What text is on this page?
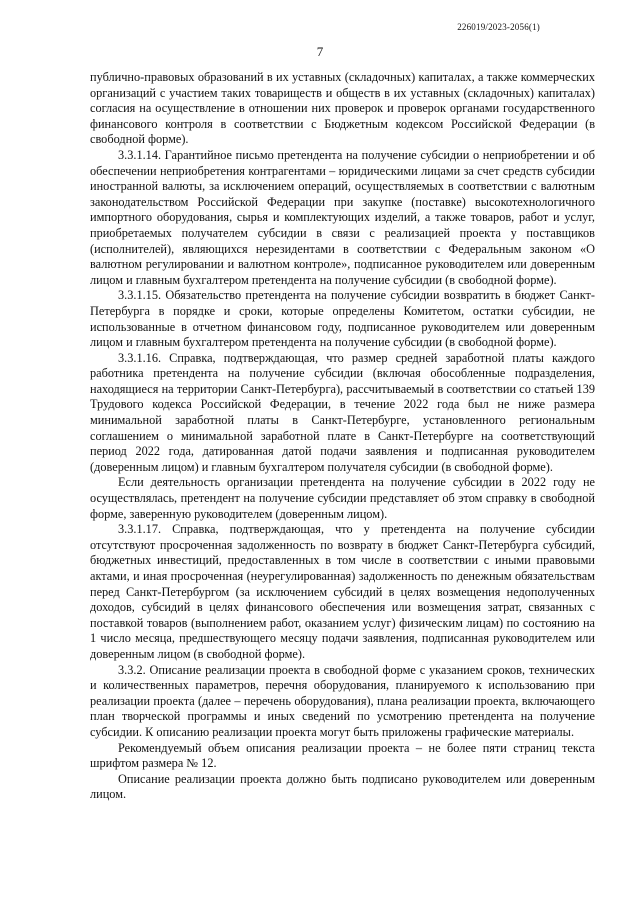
226019/2023-2056(1)
7

публично-правовых образований в их уставных (складочных) капиталах, а также коммерческих организаций с участием таких товариществ и обществ в их уставных (складочных) капиталах) согласия на осуществление в отношении них проверок и проверок органами государственного финансового контроля в соответствии с Бюджетным кодексом Российской Федерации (в свободной форме).

3.3.1.14. Гарантийное письмо претендента на получение субсидии о неприобретении и об обеспечении неприобретения контрагентами – юридическими лицами за счет средств субсидии иностранной валюты, за исключением операций, осуществляемых в соответствии с валютным законодательством Российской Федерации при закупке (поставке) высокотехнологичного импортного оборудования, сырья и комплектующих изделий, а также товаров, работ и услуг, приобретаемых получателем субсидии в связи с реализацией проекта у поставщиков (исполнителей), являющихся нерезидентами в соответствии с Федеральным законом «О валютном регулировании и валютном контроле», подписанное руководителем или доверенным лицом и главным бухгалтером претендента на получение субсидии (в свободной форме).

3.3.1.15. Обязательство претендента на получение субсидии возвратить в бюджет Санкт-Петербурга в порядке и сроки, которые определены Комитетом, остатки субсидии, не использованные в отчетном финансовом году, подписанное руководителем или доверенным лицом и главным бухгалтером претендента на получение субсидии (в свободной форме).

3.3.1.16. Справка, подтверждающая, что размер средней заработной платы каждого работника претендента на получение субсидии (включая обособленные подразделения, находящиеся на территории Санкт-Петербурга), рассчитываемый в соответствии со статьей 139 Трудового кодекса Российской Федерации, в течение 2022 года был не ниже размера минимальной заработной платы в Санкт-Петербурге, установленного региональным соглашением о минимальной заработной плате в Санкт-Петербурге на соответствующий период 2022 года, датированная датой подачи заявления и подписанная руководителем (доверенным лицом) и главным бухгалтером получателя субсидии (в свободной форме).

Если деятельность организации претендента на получение субсидии в 2022 году не осуществлялась, претендент на получение субсидии представляет об этом справку в свободной форме, заверенную руководителем (доверенным лицом).

3.3.1.17. Справка, подтверждающая, что у претендента на получение субсидии отсутствуют просроченная задолженность по возврату в бюджет Санкт-Петербурга субсидий, бюджетных инвестиций, предоставленных в том числе в соответствии с иными правовыми актами, и иная просроченная (неурегулированная) задолженность по денежным обязательствам перед Санкт-Петербургом (за исключением субсидий в целях возмещения недополученных доходов, субсидий в целях финансового обеспечения или возмещения затрат, связанных с поставкой товаров (выполнением работ, оказанием услуг) физическим лицам) по состоянию на 1 число месяца, предшествующего месяцу подачи заявления, подписанная руководителем или доверенным лицом (в свободной форме).

3.3.2. Описание реализации проекта в свободной форме с указанием сроков, технических и количественных параметров, перечня оборудования, планируемого к использованию при реализации проекта (далее – перечень оборудования), плана реализации проекта, включающего план творческой программы и иных сведений по усмотрению претендента на получение субсидии. К описанию реализации проекта могут быть приложены графические материалы.

Рекомендуемый объем описания реализации проекта – не более пяти страниц текста шрифтом размера № 12.

Описание реализации проекта должно быть подписано руководителем или доверенным лицом.
